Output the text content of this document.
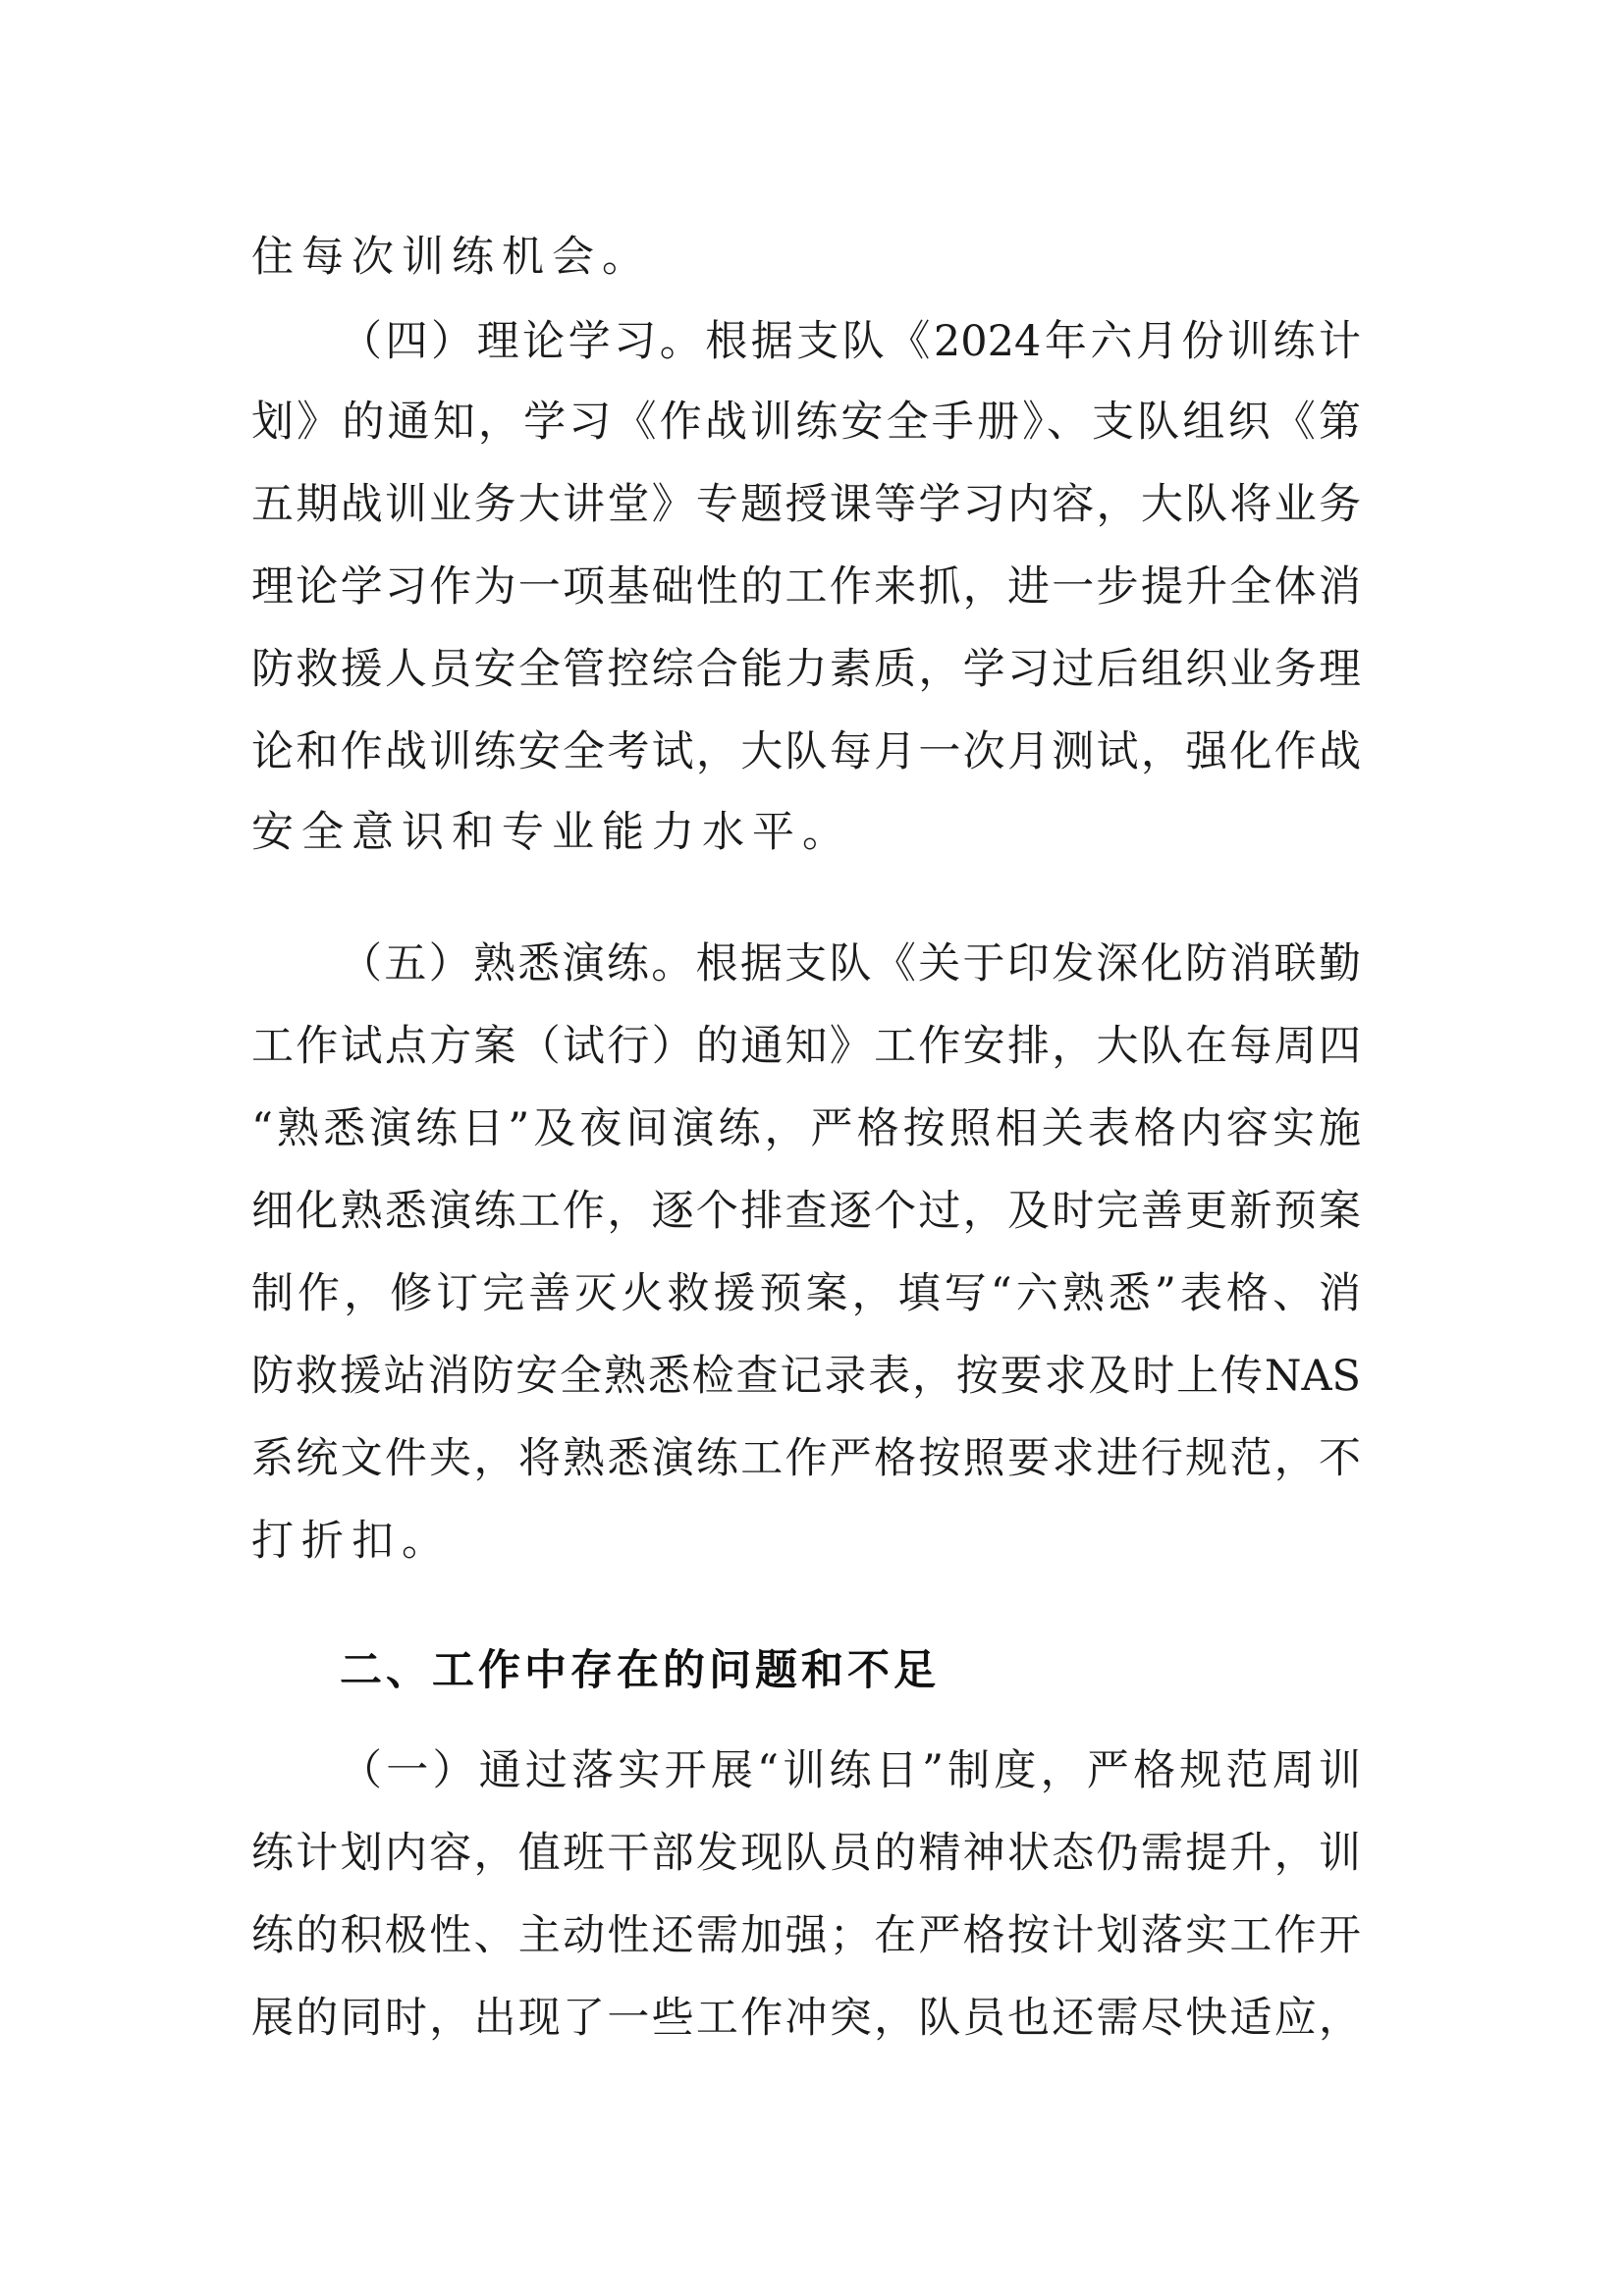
住每次训练机会。
（四）理论学习。根据支队《2024年六月份训练计
划》的通知，学习《作战训练安全手册》、支队组织《第
五期战训业务大讲堂》专题授课等学习内容，大队将业务
理论学习作为一项基础性的工作来抓，进一步提升全体消
防救援人员安全管控综合能力素质，学习过后组织业务理
论和作战训练安全考试，大队每月一次月测试，强化作战
安全意识和专业能力水平。
（五）熟悉演练。根据支队《关于印发深化防消联勤
工作试点方案（试行）的通知》工作安排，大队在每周四
“熟悉演练日”及夜间演练，严格按照相关表格内容实施
细化熟悉演练工作，逐个排查逐个过，及时完善更新预案
制作，修订完善灭火救援预案，填写“六熟悉”表格、消
防救援站消防安全熟悉检查记录表，按要求及时上传NAS
系统文件夹，将熟悉演练工作严格按照要求进行规范，不
打折扣。
二、工作中存在的问题和不足
（一）通过落实开展“训练日”制度，严格规范周训
练计划内容，值班干部发现队员的精神状态仍需提升，训
练的积极性、主动性还需加强；在严格按计划落实工作开
展的同时，出现了一些工作冲突，队员也还需尽快适应，
